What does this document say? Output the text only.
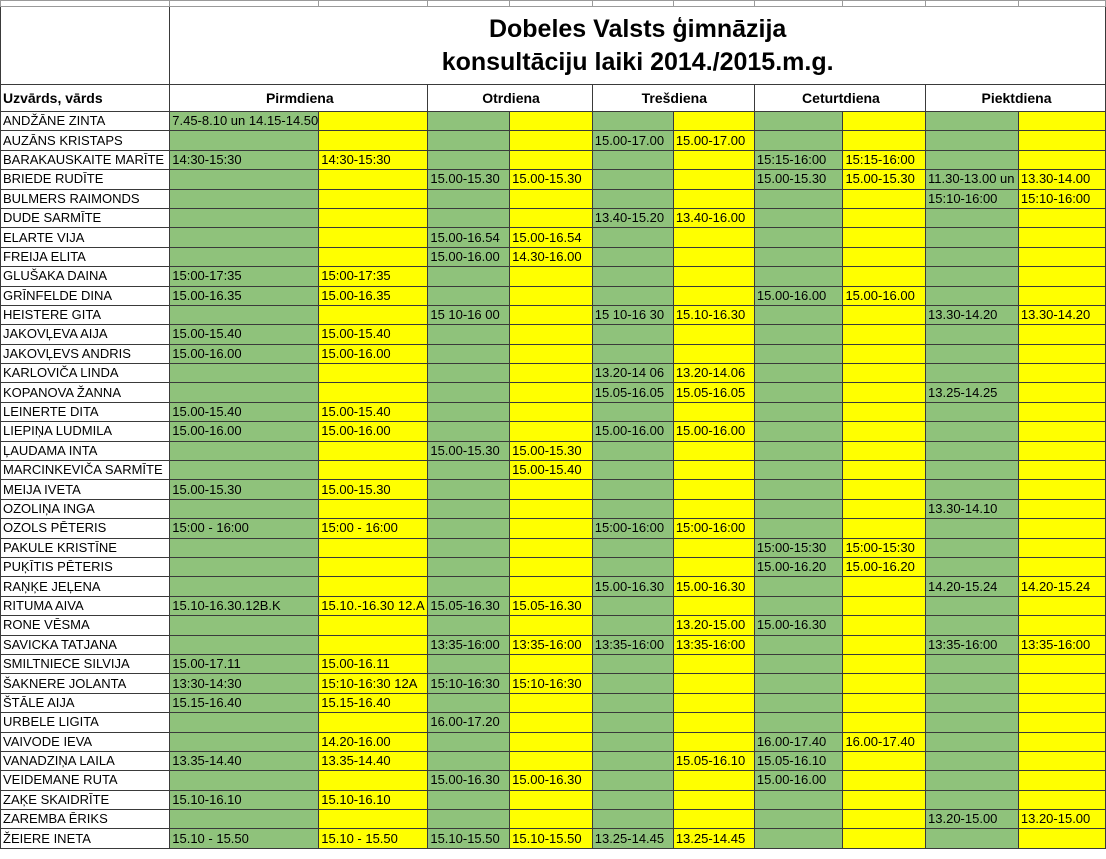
	Dobeles Valsts ģimnāzija
konsultāciju laiki 2014./2015.m.g.									

Uzvārds, vārds	Pirmdiena		Otrdiena		Trešdiena		Ceturtdiena		Piektdiena	
ANDŽĀNE ZINTA	7.45-8.10 un 14.15-14.50									
AUZĀNS KRISTAPS					15.00-17.00	15.00-17.00				
BARAKAUSKAITE MARĪTE	14:30-15:30	14:30-15:30					15:15-16:00	15:15-16:00		
BRIEDE RUDĪTE			15.00-15.30	15.00-15.30			15.00-15.30	15.00-15.30	11.30-13.00 un	13.30-14.00
BULMERS RAIMONDS									15:10-16:00	15:10-16:00
DUDE SARMĪTE					13.40-15.20	13.40-16.00				
ELARTE VIJA			15.00-16.54	15.00-16.54						
FREIJA ELITA			15.00-16.00	14.30-16.00						
GLUŠAKA DAINA	15:00-17:35	15:00-17:35								
GRĪNFELDE DINA	15.00-16.35	15.00-16.35					15.00-16.00	15.00-16.00		
HEISTERE GITA			15 10-16 00		15 10-16 30	15.10-16.30			13.30-14.20	13.30-14.20
JAKOVĻEVA AIJA	15.00-15.40	15.00-15.40								
JAKOVĻEVS ANDRIS	15.00-16.00	15.00-16.00								
KARLOVIČA LINDA					13.20-14 06	13.20-14.06				
KOPANOVA ŽANNA					15.05-16.05	15.05-16.05			13.25-14.25	
LEINERTE DITA	15.00-15.40	15.00-15.40								
LIEPIŅA LUDMILA	15.00-16.00	15.00-16.00			15.00-16.00	15.00-16.00				
ĻAUDAMA INTA			15.00-15.30	15.00-15.30						
MARCINKEVIČA SARMĪTE				15.00-15.40						
MEIJA IVETA	15.00-15.30	15.00-15.30								
OZOLIŅA INGA									13.30-14.10	
OZOLS PĒTERIS	15:00 - 16:00	15:00 - 16:00			15:00-16:00	15:00-16:00				
PAKULE KRISTĪNE							15:00-15:30	15:00-15:30		
PUĶĪTIS PĒTERIS							15.00-16.20	15.00-16.20		
RAŅĶE JEĻENA					15.00-16.30	15.00-16.30			14.20-15.24	14.20-15.24
RITUMA AIVA	15.10-16.30.12B.K	15.10.-16.30 12.A	15.05-16.30	15.05-16.30						
RONE VĒSMA						13.20-15.00	15.00-16.30			
SAVICKA TATJANA			13:35-16:00	13:35-16:00	13:35-16:00	13:35-16:00			13:35-16:00	13:35-16:00
SMILTNIECE SILVIJA	15.00-17.11	15.00-16.11								
ŠAKNERE JOLANTA	13:30-14:30	15:10-16:30 12A	15:10-16:30	15:10-16:30						
ŠTĀLE AIJA	15.15-16.40	15.15-16.40								
URBELE LIGITA			16.00-17.20							
VAIVODE IEVA		14.20-16.00					16.00-17.40	16.00-17.40		
VANADZIŅA LAILA	13.35-14.40	13.35-14.40				15.05-16.10	15.05-16.10			
VEIDEMANE RUTA			15.00-16.30	15.00-16.30			15.00-16.00			
ZAĶE SKAIDRĪTE	15.10-16.10	15.10-16.10								
ZAREMBA ĒRIKS									13.20-15.00	13.20-15.00
ŽEIERE INETA	15.10 - 15.50	15.10 - 15.50	15.10-15.50	15.10-15.50	13.25-14.45	13.25-14.45				
